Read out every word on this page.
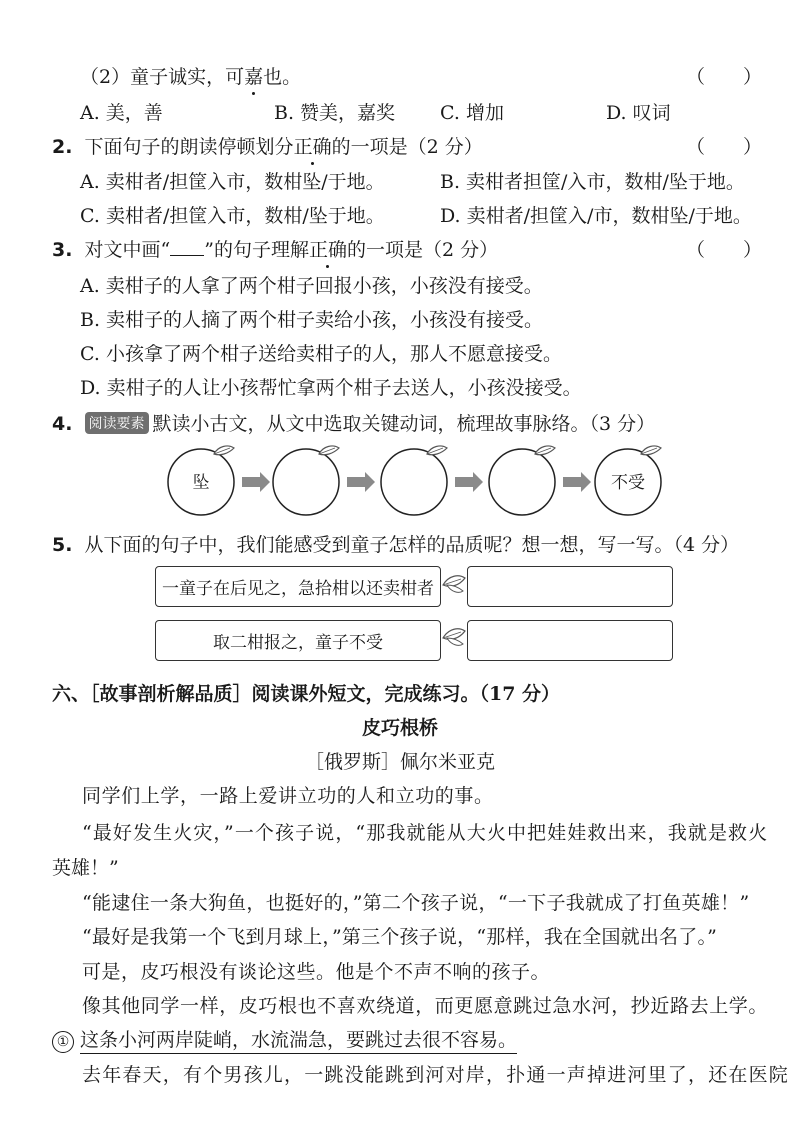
（2）童子诚实，可嘉也。	（　　）
A. 美，善	B. 赞美，嘉奖 C. 增加	D. 叹词
2. 下面句子的朗读停顿划分正确的一项是（2 分）	（　　）
A. 卖柑者/担筐入市，数柑坠/于地。	B. 卖柑者担筐/入市，数柑/坠于地。
C. 卖柑者/担筐入市，数柑/坠于地。	D. 卖柑者/担筐入/市，数柑坠/于地。
3. 对文中画“ ”的句子理解正确的一项是（2 分）	（　　）
A. 卖柑子的人拿了两个柑子回报小孩，小孩没有接受。
B. 卖柑子的人摘了两个柑子卖给小孩，小孩没有接受。
C. 小孩拿了两个柑子送给卖柑子的人，那人不愿意接受。
D. 卖柑子的人让小孩帮忙拿两个柑子去送人，小孩没接受。
4. 阅读要素 默读小古文，从文中选取关键动词，梳理故事脉络。（3 分）
坠	不受
5. 从下面的句子中，我们能感受到童子怎样的品质呢？想一想，写一写。（4 分）
一童子在后见之，急拾柑以还卖柑者
取二柑报之，童子不受
六、［故事剖析解品质］阅读课外短文，完成练习。（17 分）
皮巧根桥
［俄罗斯］佩尔米亚克
同学们上学，一路上爱讲立功的人和立功的事。
“最好发生火灾，”一个孩子说，“那我就能从大火中把娃娃救出来，我就是救火
英雄！”
“能逮住一条大狗鱼，也挺好的，”第二个孩子说，“一下子我就成了打鱼英雄！”
“最好是我第一个飞到月球上，”第三个孩子说，“那样，我在全国就出名了。”
可是，皮巧根没有谈论这些。他是个不声不响的孩子。
像其他同学一样，皮巧根也不喜欢绕道，而更愿意跳过急水河，抄近路去上学。
① 这条小河两岸陡峭，水流湍急，要跳过去很不容易。
去年春天，有个男孩儿，一跳没能跳到河对岸，扑通一声掉进河里了，还在医院
